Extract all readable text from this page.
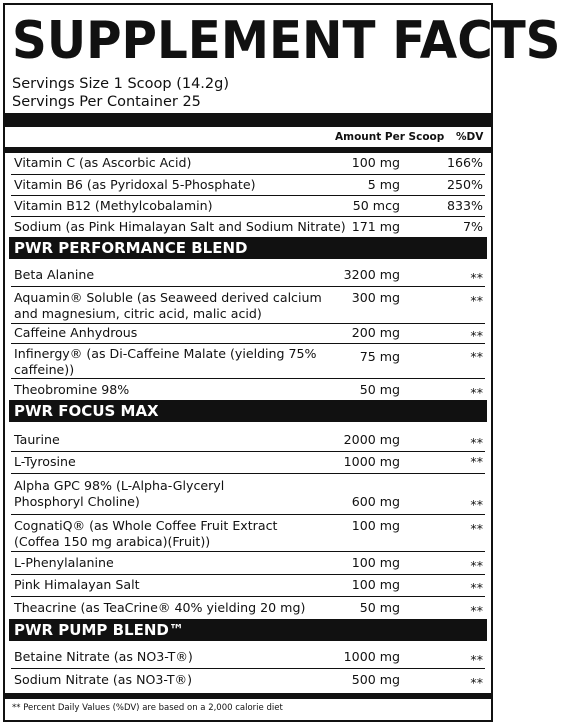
SUPPLEMENT FACTS
Servings Size 1 Scoop (14.2g)
Servings Per Container 25
Amount Per Scoop %DV
Vitamin C (as Ascorbic Acid)	100 mg	166%
Vitamin B6 (as Pyridoxal 5-Phosphate)	5 mg	250%
Vitamin B12 (Methylcobalamin)	50 mcg	833%
Sodium (as Pink Himalayan Salt and Sodium Nitrate) 171 mg	7%
PWR PERFORMANCE BLEND
Beta Alanine	3200 mg	**
Aquamin® Soluble (as Seaweed derived calcium
and magnesium, citric acid, malic acid)
300 mg	**
Caffeine Anhydrous	200 mg	**
Infinergy® (as Di-Caffeine Malate (yielding 75%
caffeine))
75 mg	**
Theobromine 98%	50 mg	**
PWR FOCUS MAX
Taurine	2000 mg	**
L-Tyrosine	1000 mg	**
Alpha GPC 98% (L-Alpha-Glyceryl
Phosphoryl Choline)	600 mg	**
CognatiQ® (as Whole Coffee Fruit Extract
(Coffea 150 mg arabica)(Fruit))
100 mg	**
L-Phenylalanine	100 mg	**
Pink Himalayan Salt	100 mg	**
Theacrine (as TeaCrine® 40% yielding 20 mg)	50 mg	**
PWR PUMP BLEND™
Betaine Nitrate (as NO3-T®)	1000 mg	**
Sodium Nitrate (as NO3-T®)	500 mg	**
** Percent Daily Values (%DV) are based on a 2,000 calorie diet
